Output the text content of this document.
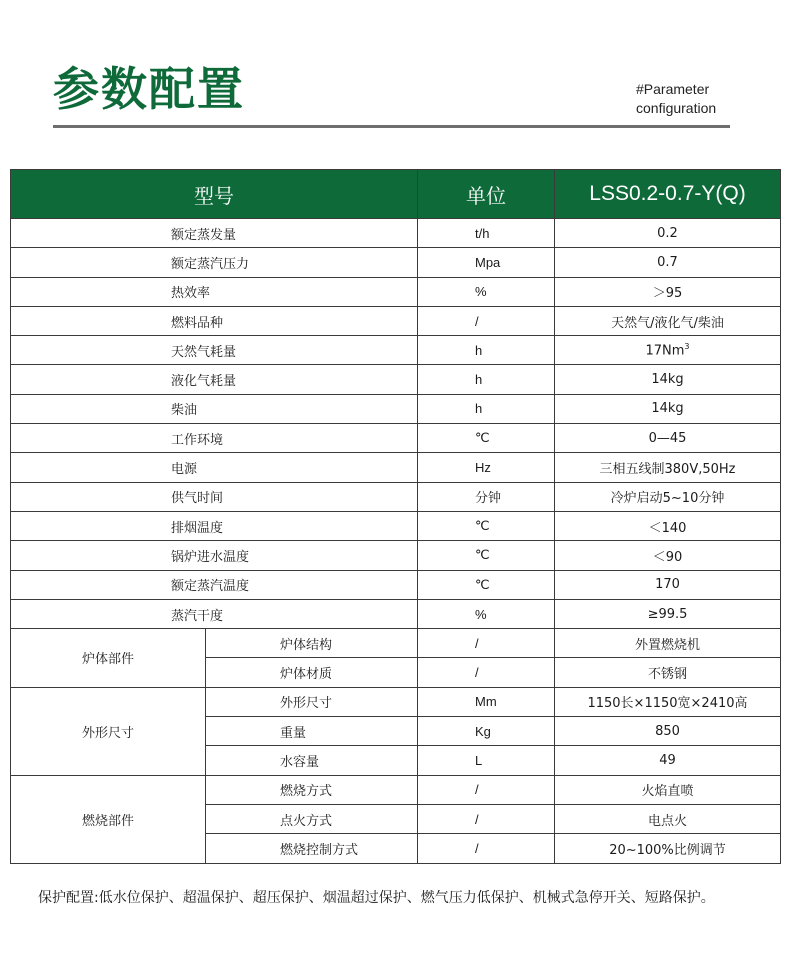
参数配置	#Parameter
configuration
型号		单位	LSS0.2-0.7-Y(Q)
额定蒸发量		t/h	0.2
额定蒸汽压力		Mpa	0.7
热效率		%	＞95
燃料品种		/	天然气/液化气/柴油
天然气耗量		h	17Nm$^3$
液化气耗量		h	14kg
柴油		h	14kg
工作环境		℃	0—45
电源		Hz	三相五线制380V,50Hz
供气时间		分钟	冷炉启动5~10分钟
排烟温度		℃	＜140
锅炉进水温度		℃	＜90
额定蒸汽温度		℃	170
蒸汽干度		%	≥99.5
炉体部件	炉体结构	/	外置燃烧机
	炉体材质	/	不锈钢
外形尺寸	外形尺寸	Mm	1150长×1150宽×2410高
	重量	Kg	850
	水容量	L	49
燃烧部件	燃烧方式	/	火焰直喷
	点火方式	/	电点火
	燃烧控制方式	/	20~100%比例调节
保护配置:低水位保护、超温保护、超压保护、烟温超过保护、燃气压力低保护、机械式急停开关、短路保护。
